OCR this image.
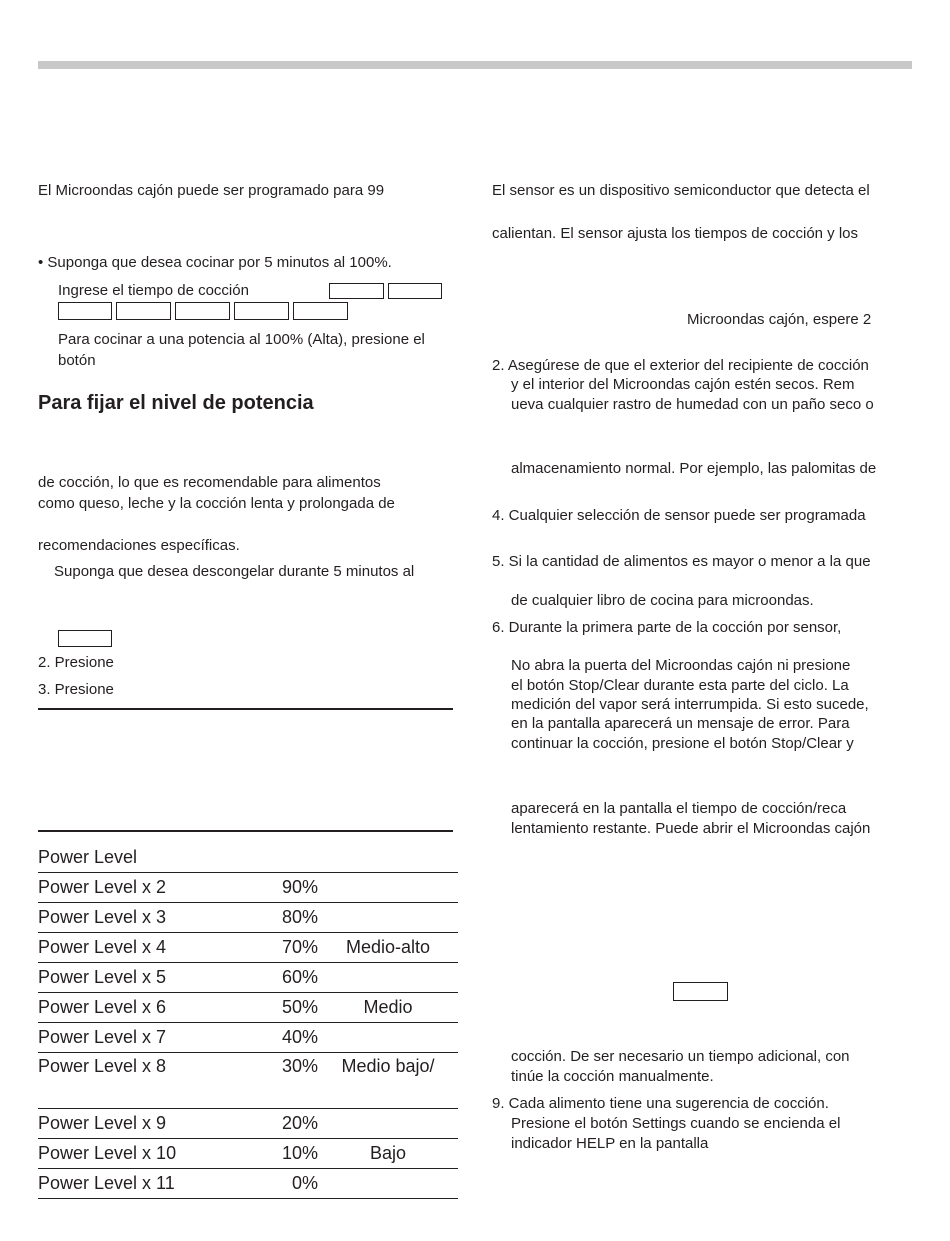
El Microondas cajón puede ser programado para 99
• Suponga que desea cocinar por 5 minutos al 100%.
Ingrese el tiempo de cocción
Para cocinar a una potencia al 100% (Alta), presione el
botón
Para fijar el nivel de potencia
de cocción, lo que es recomendable para alimentos
como queso, leche y la cocción lenta y prolongada de
recomendaciones específicas.
Suponga que desea descongelar durante 5 minutos al
2. Presione
3. Presione
Power Level		
Power Level x 2	90%	
Power Level x 3	80%	
Power Level x 4	70%	Medio-alto
Power Level x 5	60%	
Power Level x 6	50%	Medio
Power Level x 7	40%	
Power Level x 8	30%	Medio bajo/
Power Level x 9	20%	
Power Level x 10	10%	Bajo
Power Level x 11	0%	
El sensor es un dispositivo semiconductor que detecta el
calientan. El sensor ajusta los tiempos de cocción y los
Microondas cajón, espere 2
2. Asegúrese de que el exterior del recipiente de cocción
y el interior del Microondas cajón estén secos. Rem
ueva cualquier rastro de humedad con un paño seco o
almacenamiento normal. Por ejemplo, las palomitas de
4. Cualquier selección de sensor puede ser programada
5. Si la cantidad de alimentos es mayor o menor a la que
de cualquier libro de cocina para microondas.
6. Durante la primera parte de la cocción por sensor,
No abra la puerta del Microondas cajón ni presione
el botón Stop/Clear durante esta parte del ciclo. La
medición del vapor será interrumpida. Si esto sucede,
en la pantalla aparecerá un mensaje de error. Para
continuar la cocción, presione el botón Stop/Clear y
aparecerá en la pantalla el tiempo de cocción/reca
lentamiento restante. Puede abrir el Microondas cajón
cocción. De ser necesario un tiempo adicional, con
tinúe la cocción manualmente.
9. Cada alimento tiene una sugerencia de cocción.
Presione el botón Settings cuando se encienda el
indicador HELP en la pantalla
